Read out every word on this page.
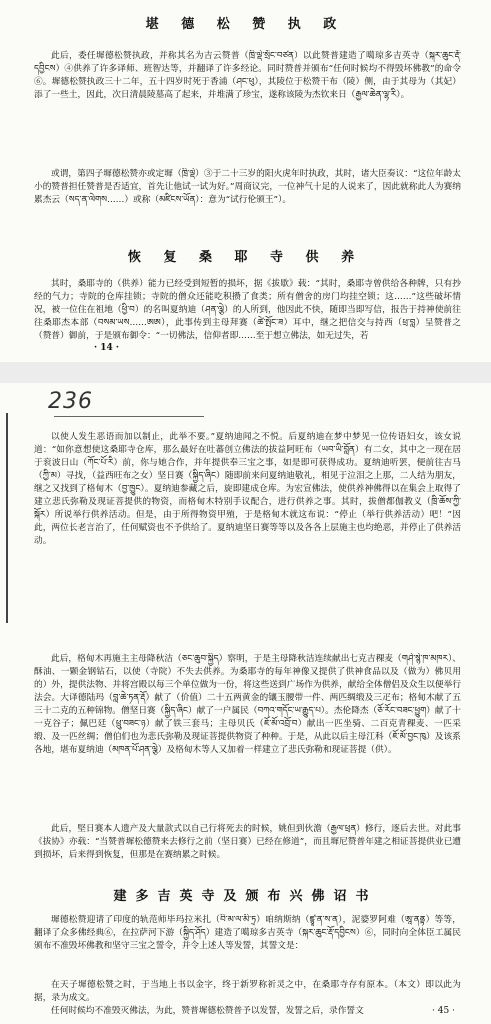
堪 德 松 赞 执 政

此后，委任墀德松赞执政，并称其名为吉云赞普（ཁྲི་ལྡེ་སྲོང་བཙན）以此赞普建造了噶琼多吉英寺（སྐར་ཆུང་རྡོ་དབྱིངས）④供养了许多译师、班智达等，并翻译了许多经论。同时赞普并颁布“任何时候均不得毁坏佛教”的命令⑥。墀德松赞执政三十二年，五十四岁时死于香浦（ཤང་ཕུ），其陵位于松赞干布（陵）侧，由于其母为（其妃）添了一些土，因此，次日清晨陵墓高了起来，并堆满了珍宝，遂称该陵为杰钦来日（རྒྱལ་ཆེན་ལྷ་རི）。

或谓，第四子墀德松赞亦或定墀（ཁྲི་ལྡེ）③于二十三岁的阳火虎年时执政，其时，诸大臣奏议：“这位年龄太小的赞普担任赞普是否适宜，首先让他试一试为好。”周商议完，一位神气十足的人说来了，因此就称此人为赛纳累杰云（སད་ན་ལེགས……）或称（མཛིངས་ཡོན）：意为“试行伦颁王”）。

恢 复 桑 耶 寺 供 养

其时，桑耶寺的（供养）能力已经受到短暂的损坏，据《拔歇》载：“其时，桑耶寺曾供给各种牌，只有抄经的气力；寺院的仓库挂锁；寺院的僧众还能吃积攒了食类；所有僧舍的房门均挂空锁；这……”这些破坏情况，被一位住在祖地（ཕྱི་བ）的名叫夏纳迪（ཤན་ལྕེ）的人所到，他因此不快，随即当即写信，报告于持神使前往往桑耶杰本部（བསམ་ཡས……ཨཨ），此事传到主母拜赛（ཚེ་སྤོང་ཟ）耳中，继之把信交与持西（ཕྲ་བླ）呈赞普之（赞普）御前，于是颁布御令：“一切佛法，信仰者即……至于想立佛法，如无过失，若

· 14 ·
236

以使人发生恶语而加以制止，此举不要。”夏纳迪闻之不悦。后夏纳迪在梦中梦见一位传语妇女，该女说道：“如你意想使这桑耶寺仓库，那么最好在吐蕃创立佛法的拔益阿旺布（ཡབ་ཡི་བློན）有二女，其中之一现在居于衮波日山（ཀོང་པོ་རི）前，你与她合作，并年提供奉三宝之事，如是即可获得成功。夏纳迪听罢，便前往吉马（ཀྱི་མ）寻找，（益西旺布之女）坚日赛（སྐྱིད་ཞིང）随即前来问夏纳迪敬礼，相见于泣泪之上那，二人结为朋友，继之又找到了格甸木（བྱ་ཁྱུང）。夏纳迪参藏之后，旋即建成仓库。为宏宣佛法，使供养神佛得以在集会上取得了建立悲氏弥勒及现证菩提供的物资，而格甸木特别手议配合，进行供养之事。其时，拔僧都伽教义（ཁྲི་ཆོས་ཀྱི་སྐོར）所说举行供养活动。但是，由于所得物资甲殖，于是格甸木就这布说：“停止（举行供养活动）吧！”因此，两位长老言治了，任何赋资也不予供给了。夏纳迪坚日赛等等以及各各上层施主也均绝恶，并停止了供养活动。

此后，格甸木再施主主母降秋洁（ཅང་ཆུབ་སྐྱིད）察明，于是主母降秋洁连续献出七克吉稞麦（གཤེ་སྙེ་ཁ་མཁར）、酥油、一颗金钢钻石，以使（寺院）不失去供养。为桑耶寺的每年神像又提供了供神食品以及（做为）佛贝用的）外，提供法物、并将宫殿以每三个单位做为一份，将这些送到广场作为供养，献给全体僧侣及众生以便举行法会。大译德陆玛（བླ་ཆེ་ཏན་རྡོ）献了（价值）二十五两黄金的镶玉腰带一件、两匹绸缎及三疋布；格甸木献了五三十二克的五种锦物。僧坚日赛（སྐྱིད་ཞིང）献了一户属民（བཀའ་གདོང་ཡ་རྒྱུད་པ）。杰伦降杰（ཅོ་རོང་བཟང་ཕྱུག）献了十一克谷子；佩巴廷（ཕྲུ་བཟང་ཉ）献了铁三套马；主母贝氏（ཇོ་མོ་འབྲོ་བ）献出一匹坐骑、二百克青稞麦、一匹采缎、及一匹丝绸；僧伯们也为悲氏弥勒及现证菩提供物资了种种。于是，从此以后主母江科（ཇོ་མོ་བྱང་ཁུ）及该系各地，堪布夏纳迪（མཁན་པོ་ཤན་ལྕེ）及格甸木等人又加着一样建立了悲氏弥勒和现证菩提（供）。

此后，堅日赛本人遗产及大量款式以自己行将死去的时候，姚但到伙澹（རྒྱལ་ཕྲན）修行，逐后去世。对此事《拔协》亦载：“当赞普墀松德赞来去修行之前（坚日赛）已经在修道”，而且墀尼赞普年建之相证菩提供业已遭到损坏，后来得到恢复，但那是在赛纳累之时候。

建多吉英寺及颁布兴佛诏书

墀德松赞迎请了印度的轨范师毕玛拉米扎（བི་མ་ལ་མི་ཏྲ）咱纳斯纳（ཛྙཱ་ན་ས་ན），泥婆罗阿难（ཨཱ་ནནྟ）等等，翻译了众多佛经典⑥，在拉萨河下游（སྐྱིད་ཤོད）建造了噶琼多吉英寺（སྐར་ཆུང་རྡོ་དབྱིངས）⑥，同时向全体臣工属民颁布不准毁坏佛教和坚守三宝之誓令，并令上述人等发誓，其誓文是：

在天子墀德松赞之时，于当地上书以金字，终于新罗称祈灵之中，在桑耶寺存有原本。（本文）即以此为据，录为成文。

任何时候均不准毁灭佛法，为此，赞普墀德松赞普予以发誓，发誓之后，录作誓文	· 45 ·
